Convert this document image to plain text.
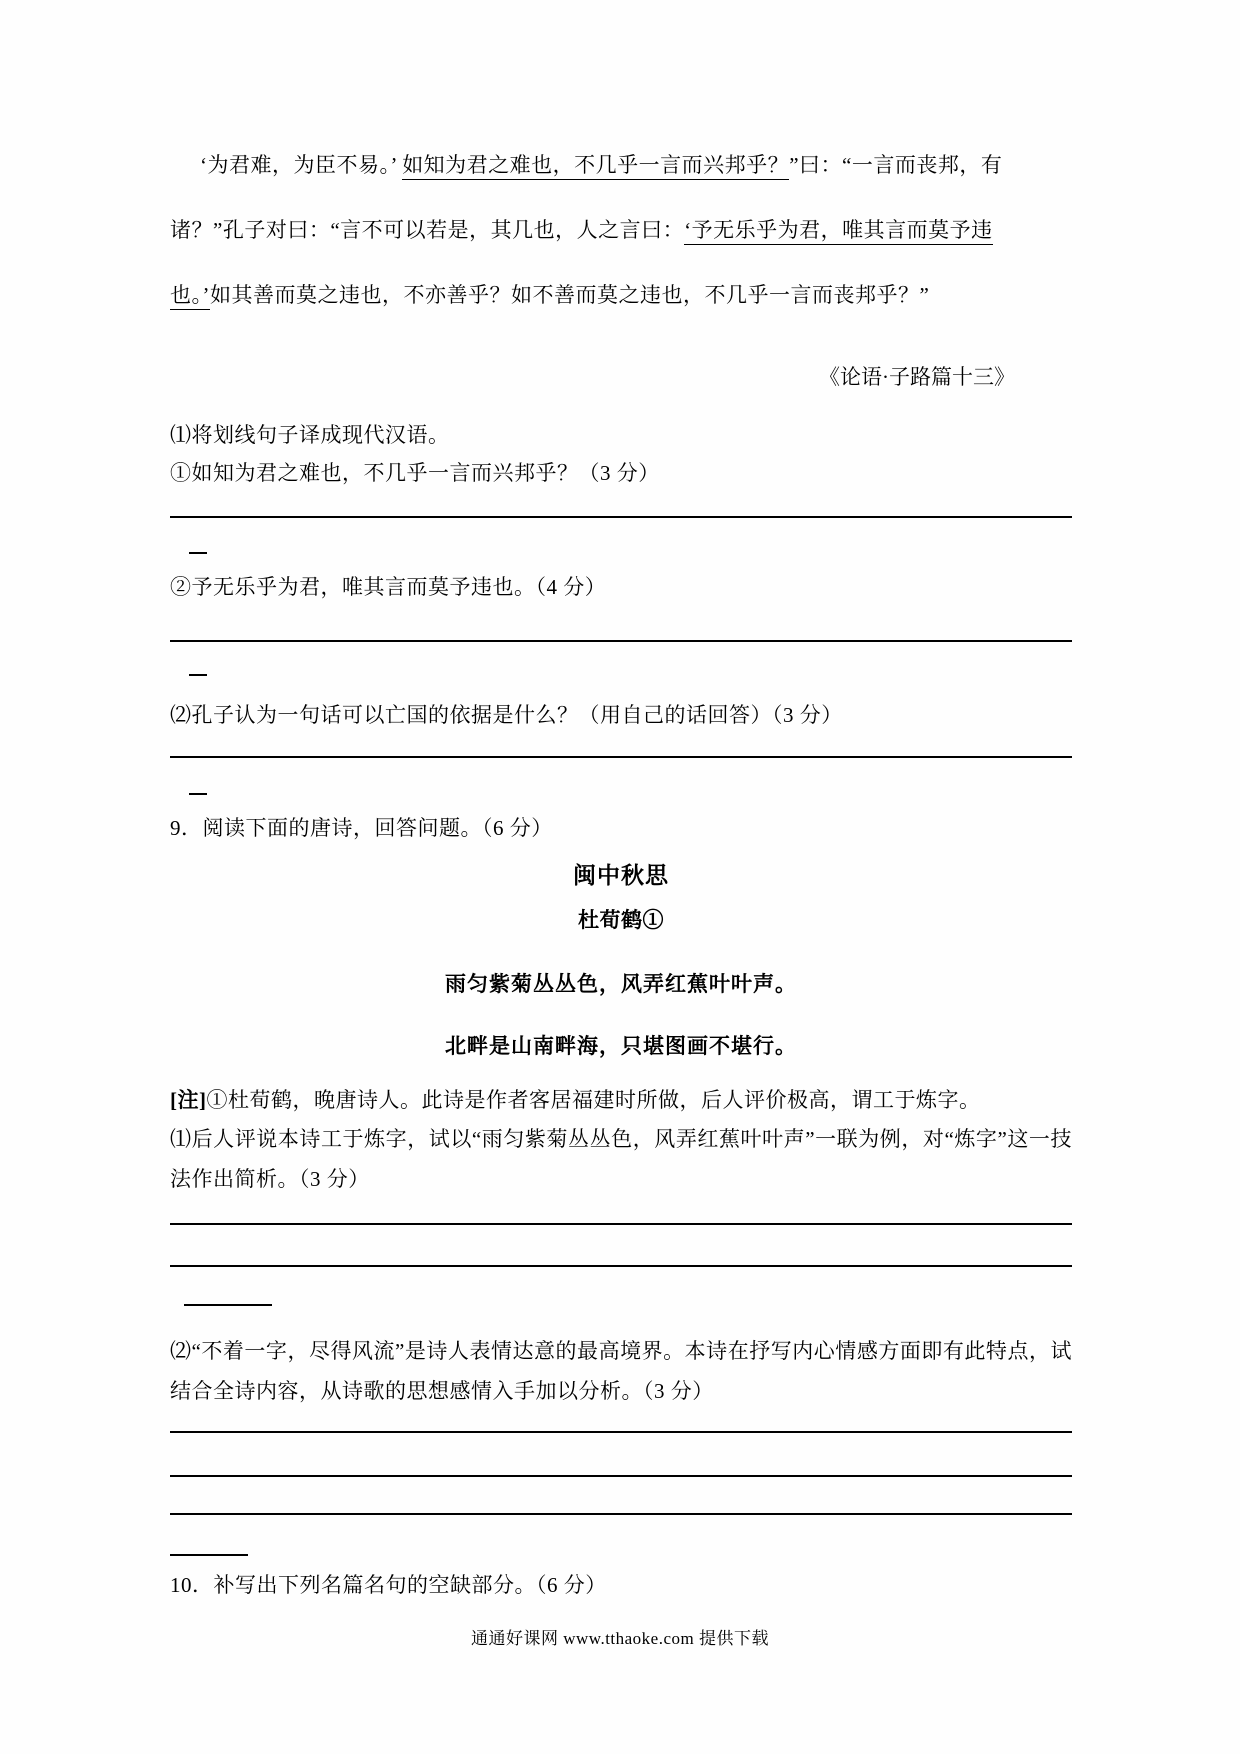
‘为君难，为臣不易。’ 如知为君之难也，不几乎一言而兴邦乎？”曰：“一言而丧邦，有

诸？”孔子对曰：“言不可以若是，其几也，人之言曰：‘予无乐乎为君，唯其言而莫予违

也。’如其善而莫之违也，不亦善乎？如不善而莫之违也，不几乎一言而丧邦乎？”

《论语·子路篇十三》

⑴将划线句子译成现代汉语。

①如知为君之难也，不几乎一言而兴邦乎？（3 分）

②予无乐乎为君，唯其言而莫予违也。（4 分）

⑵孔子认为一句话可以亡国的依据是什么？（用自己的话回答）（3 分）

9．阅读下面的唐诗，回答问题。（6 分）

闽中秋思

杜荀鹤①

雨匀紫菊丛丛色，风弄红蕉叶叶声。

北畔是山南畔海，只堪图画不堪行。

[注]①杜荀鹤，晚唐诗人。此诗是作者客居福建时所做，后人评价极高，谓工于炼字。

⑴后人评说本诗工于炼字，试以“雨匀紫菊丛丛色，风弄红蕉叶叶声”一联为例，对“炼字”这一技法作出简析。（3 分）

⑵“不着一字，尽得风流”是诗人表情达意的最高境界。本诗在抒写内心情感方面即有此特点，试结合全诗内容，从诗歌的思想感情入手加以分析。（3 分）

10．补写出下列名篇名句的空缺部分。（6 分）

通通好课网 www.tthaoke.com 提供下载
